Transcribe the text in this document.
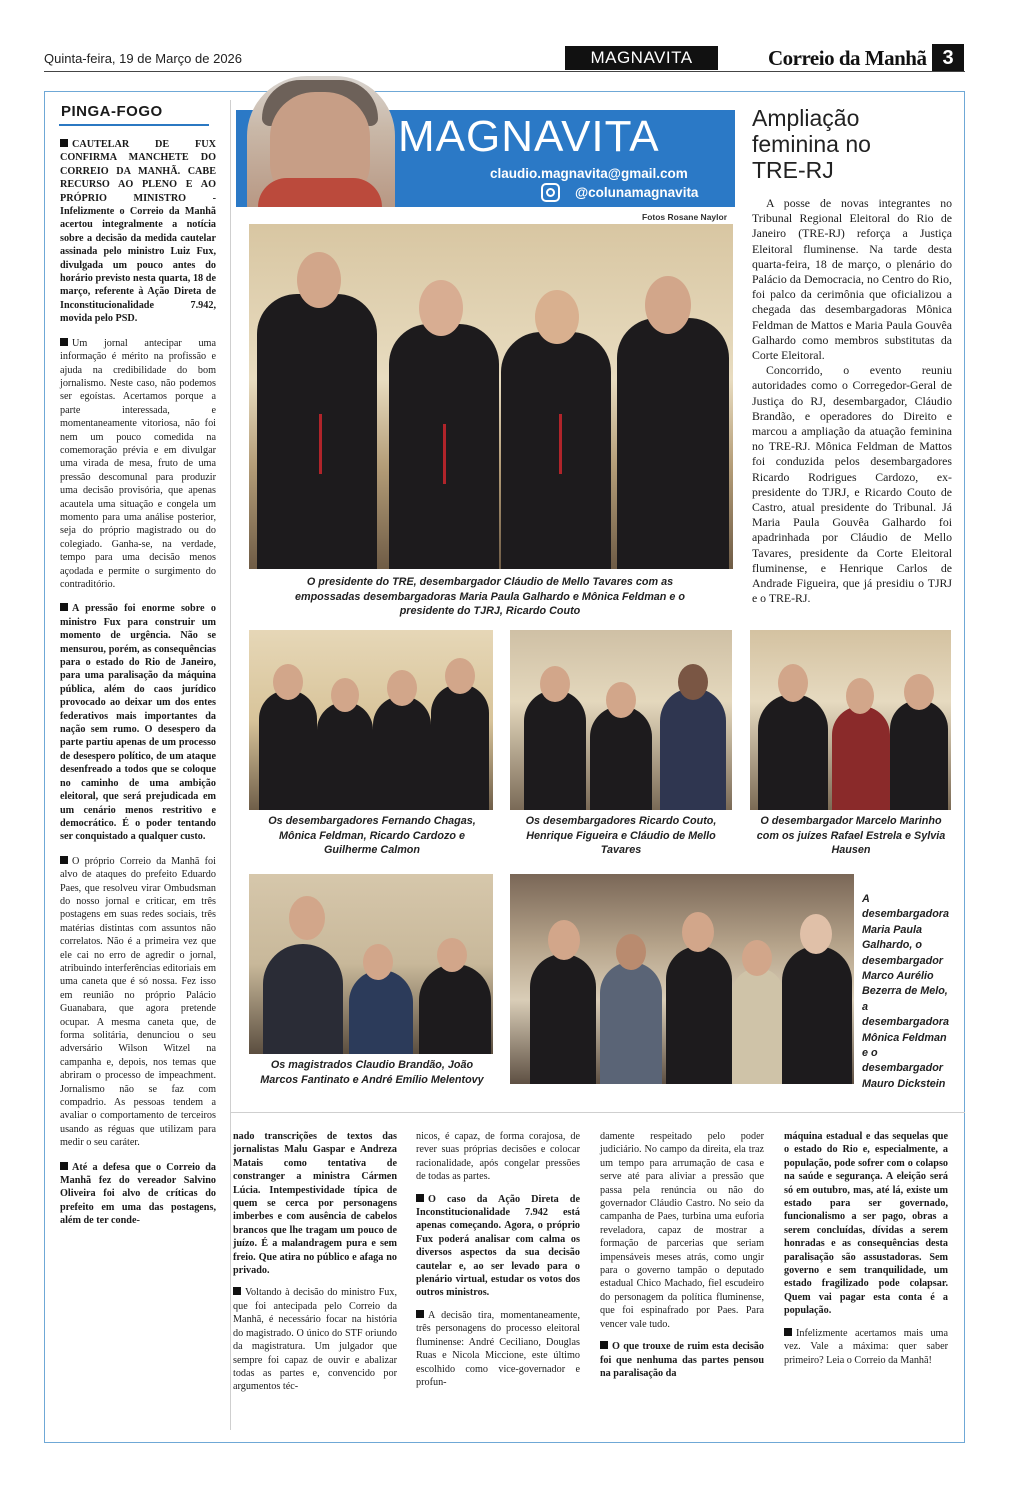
Quinta-feira, 19 de Março de 2026	MAGNAVITA	Correio da Manhã 3
PINGA-FOGO

CAUTELAR DE FUX CONFIRMA MANCHETE DO CORREIO DA MANHÃ. CABE RECURSO AO PLENO E AO PRÓPRIO MINISTRO - Infelizmente o Correio da Manhã acertou integralmente a notícia sobre a decisão da medida cautelar assinada pelo ministro Luiz Fux, divulgada um pouco antes do horário previsto nesta quarta, 18 de março, referente à Ação Direta de Inconstitucionalidade 7.942, movida pelo PSD.

Um jornal antecipar uma informação é mérito na profissão e ajuda na credibilidade do bom jornalismo. Neste caso, não podemos ser egoístas. Acertamos porque a parte interessada, e momentaneamente vitoriosa, não foi nem um pouco comedida na comemoração prévia e em divulgar uma virada de mesa, fruto de uma pressão descomunal para produzir uma decisão provisória, que apenas acautela uma situação e congela um momento para uma análise posterior, seja do próprio magistrado ou do colegiado. Ganha-se, na verdade, tempo para uma decisão menos açodada e permite o surgimento do contraditório.

A pressão foi enorme sobre o ministro Fux para construir um momento de urgência. Não se mensurou, porém, as consequências para o estado do Rio de Janeiro, para uma paralisação da máquina pública, além do caos jurídico provocado ao deixar um dos entes federativos mais importantes da nação sem rumo. O desespero da parte partiu apenas de um processo de desespero político, de um ataque desenfreado a todos que se coloque no caminho de uma ambição eleitoral, que será prejudicada em um cenário menos restritivo e democrático. É o poder tentando ser conquistado a qualquer custo.

O próprio Correio da Manhã foi alvo de ataques do prefeito Eduardo Paes, que resolveu virar Ombudsman do nosso jornal e criticar, em três postagens em suas redes sociais, três matérias distintas com assuntos não correlatos. Não é a primeira vez que ele cai no erro de agredir o jornal, atribuindo interferências editoriais em uma caneta que é só nossa. Fez isso em reunião no próprio Palácio Guanabara, que agora pretende ocupar. A mesma caneta que, de forma solitária, denunciou o seu adversário Wilson Witzel na campanha e, depois, nos temas que abriram o processo de impeachment. Jornalismo não se faz com compadrio. As pessoas tendem a avaliar o comportamento de terceiros usando as réguas que utilizam para medir o seu caráter.

Até a defesa que o Correio da Manhã fez do vereador Salvino Oliveira foi alvo de críticas do prefeito em uma das postagens, além de ter conde-

MAGNAVITA
claudio.magnavita@gmail.com
@colunamagnavita
Fotos Rosane Naylor
O presidente do TRE, desembargador Cláudio de Mello Tavares com as empossadas desembargadoras Maria Paula Galhardo e Mônica Feldman e o presidente do TJRJ, Ricardo Couto
Os desembargadores Fernando Chagas, Mônica Feldman, Ricardo Cardozo e Guilherme Calmon
Os desembargadores Ricardo Couto, Henrique Figueira e Cláudio de Mello Tavares
O desembargador Marcelo Marinho com os juízes Rafael Estrela e Sylvia Hausen
Os magistrados Claudio Brandão, João Marcos Fantinato e André Emílio Melentovy
A desembargadora Maria Paula Galhardo, o desembargador Marco Aurélio Bezerra de Melo, a desembargadora Mônica Feldman e o desembargador Mauro Dickstein
Ampliação feminina no TRE-RJ

A posse de novas integrantes no Tribunal Regional Eleitoral do Rio de Janeiro (TRE-RJ) reforça a Justiça Eleitoral fluminense. Na tarde desta quarta-feira, 18 de março, o plenário do Palácio da Democracia, no Centro do Rio, foi palco da cerimônia que oficializou a chegada das desembargadoras Mônica Feldman de Mattos e Maria Paula Gouvêa Galhardo como membros substitutas da Corte Eleitoral.

Concorrido, o evento reuniu autoridades como o Corregedor-Geral de Justiça do RJ, desembargador, Cláudio Brandão, e operadores do Direito e marcou a ampliação da atuação feminina no TRE-RJ. Mônica Feldman de Mattos foi conduzida pelos desembargadores Ricardo Rodrigues Cardozo, ex-presidente do TJRJ, e Ricardo Couto de Castro, atual presidente do Tribunal. Já Maria Paula Gouvêa Galhardo foi apadrinhada por Cláudio de Mello Tavares, presidente da Corte Eleitoral fluminense, e Henrique Carlos de Andrade Figueira, que já presidiu o TJRJ e o TRE-RJ.

nado transcrições de textos das jornalistas Malu Gaspar e Andreza Matais como tentativa de constranger a ministra Cármen Lúcia. Intempestividade típica de quem se cerca por personagens imberbes e com ausência de cabelos brancos que lhe tragam um pouco de juízo. É a malandragem pura e sem freio. Que atira no público e afaga no privado.

Voltando à decisão do ministro Fux, que foi antecipada pelo Correio da Manhã, é necessário focar na história do magistrado. O único do STF oriundo da magistratura. Um julgador que sempre foi capaz de ouvir e abalizar todas as partes e, convencido por argumentos téc-

nicos, é capaz, de forma corajosa, de rever suas próprias decisões e colocar racionalidade, após congelar pressões de todas as partes.

O caso da Ação Direta de Inconstitucionalidade 7.942 está apenas começando. Agora, o próprio Fux poderá analisar com calma os diversos aspectos da sua decisão cautelar e, ao ser levado para o plenário virtual, estudar os votos dos outros ministros.

A decisão tira, momentaneamente, três personagens do processo eleitoral fluminense: André Ceciliano, Douglas Ruas e Nicola Miccione, este último escolhido como vice-governador e profun-

damente respeitado pelo poder judiciário. No campo da direita, ela traz um tempo para arrumação de casa e serve até para aliviar a pressão que passa pela renúncia ou não do governador Cláudio Castro. No seio da campanha de Paes, turbina uma euforia reveladora, capaz de mostrar a formação de parcerias que seriam impensáveis meses atrás, como ungir para o governo tampão o deputado estadual Chico Machado, fiel escudeiro do personagem da política fluminense, que foi espinafrado por Paes. Para vencer vale tudo.

O que trouxe de ruim esta decisão foi que nenhuma das partes pensou na paralisação da

máquina estadual e das sequelas que o estado do Rio e, especialmente, a população, pode sofrer com o colapso na saúde e segurança. A eleição será só em outubro, mas, até lá, existe um estado para ser governado, funcionalismo a ser pago, obras a serem concluídas, dívidas a serem honradas e as consequências desta paralisação são assustadoras. Sem governo e sem tranquilidade, um estado fragilizado pode colapsar. Quem vai pagar esta conta é a população.

Infelizmente acertamos mais uma vez. Vale a máxima: quer saber primeiro? Leia o Correio da Manhã!
